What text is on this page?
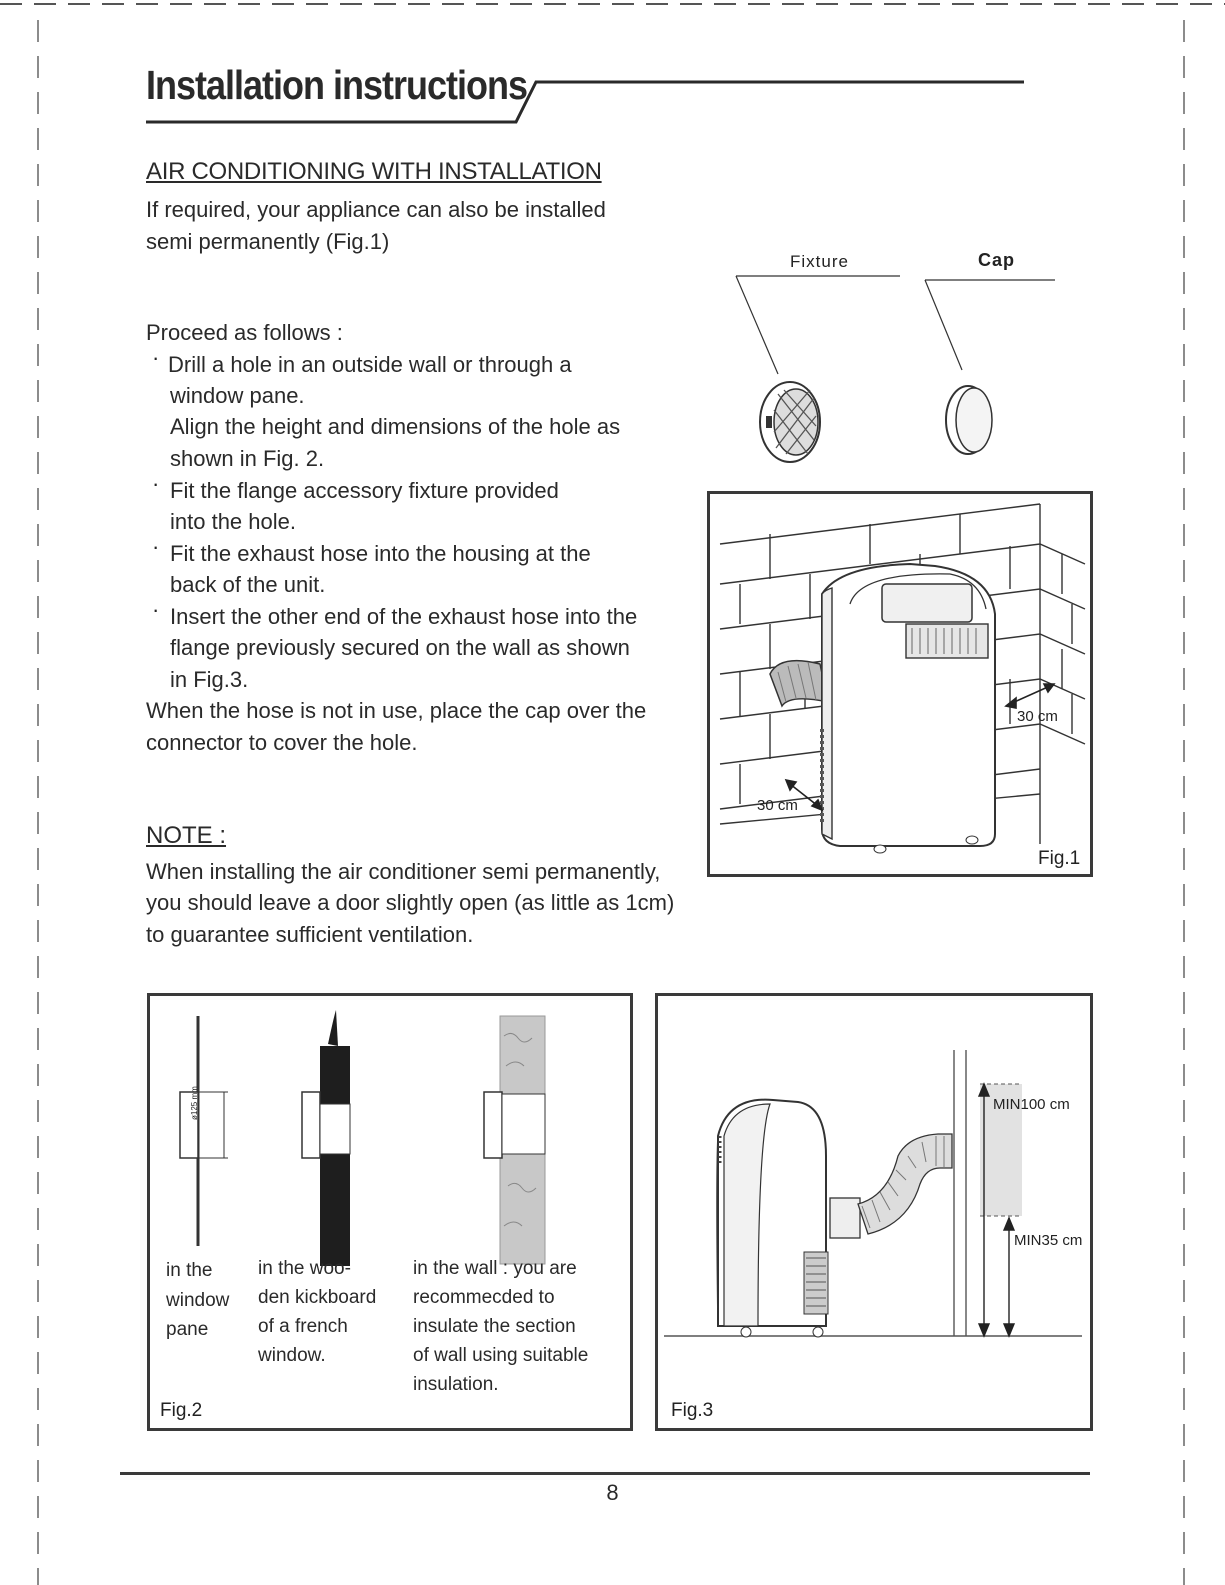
Installation instructions
AIR CONDITIONING WITH INSTALLATION
If required, your appliance can also be installed
semi permanently (Fig.1)
Proceed as follows :
· Drill a hole in an outside wall or through a
window pane.
Align the height and dimensions of the hole as
shown in Fig. 2.
· Fit the flange accessory fixture provided
into the hole.
· Fit the exhaust hose into the housing at the
back of the unit.
· Insert the other end of the exhaust hose into the
flange previously secured on the wall as shown
in Fig.3.
When the hose is not in use, place the cap over the
connector to cover the hole.
NOTE :
When installing the air conditioner semi permanently,
you should leave a door slightly open (as little as 1cm)
to guarantee sufficient ventilation.
Fixture	Cap
30 cm
30 cm
Fig.1
ø125 mm
in the
window
pane
in the woo-
den kickboard
of a french
window.
in the wall : you are
recommecded to
insulate the section
of wall using suitable
insulation.
Fig.2
MIN100 cm
MIN35 cm
Fig.3
8
